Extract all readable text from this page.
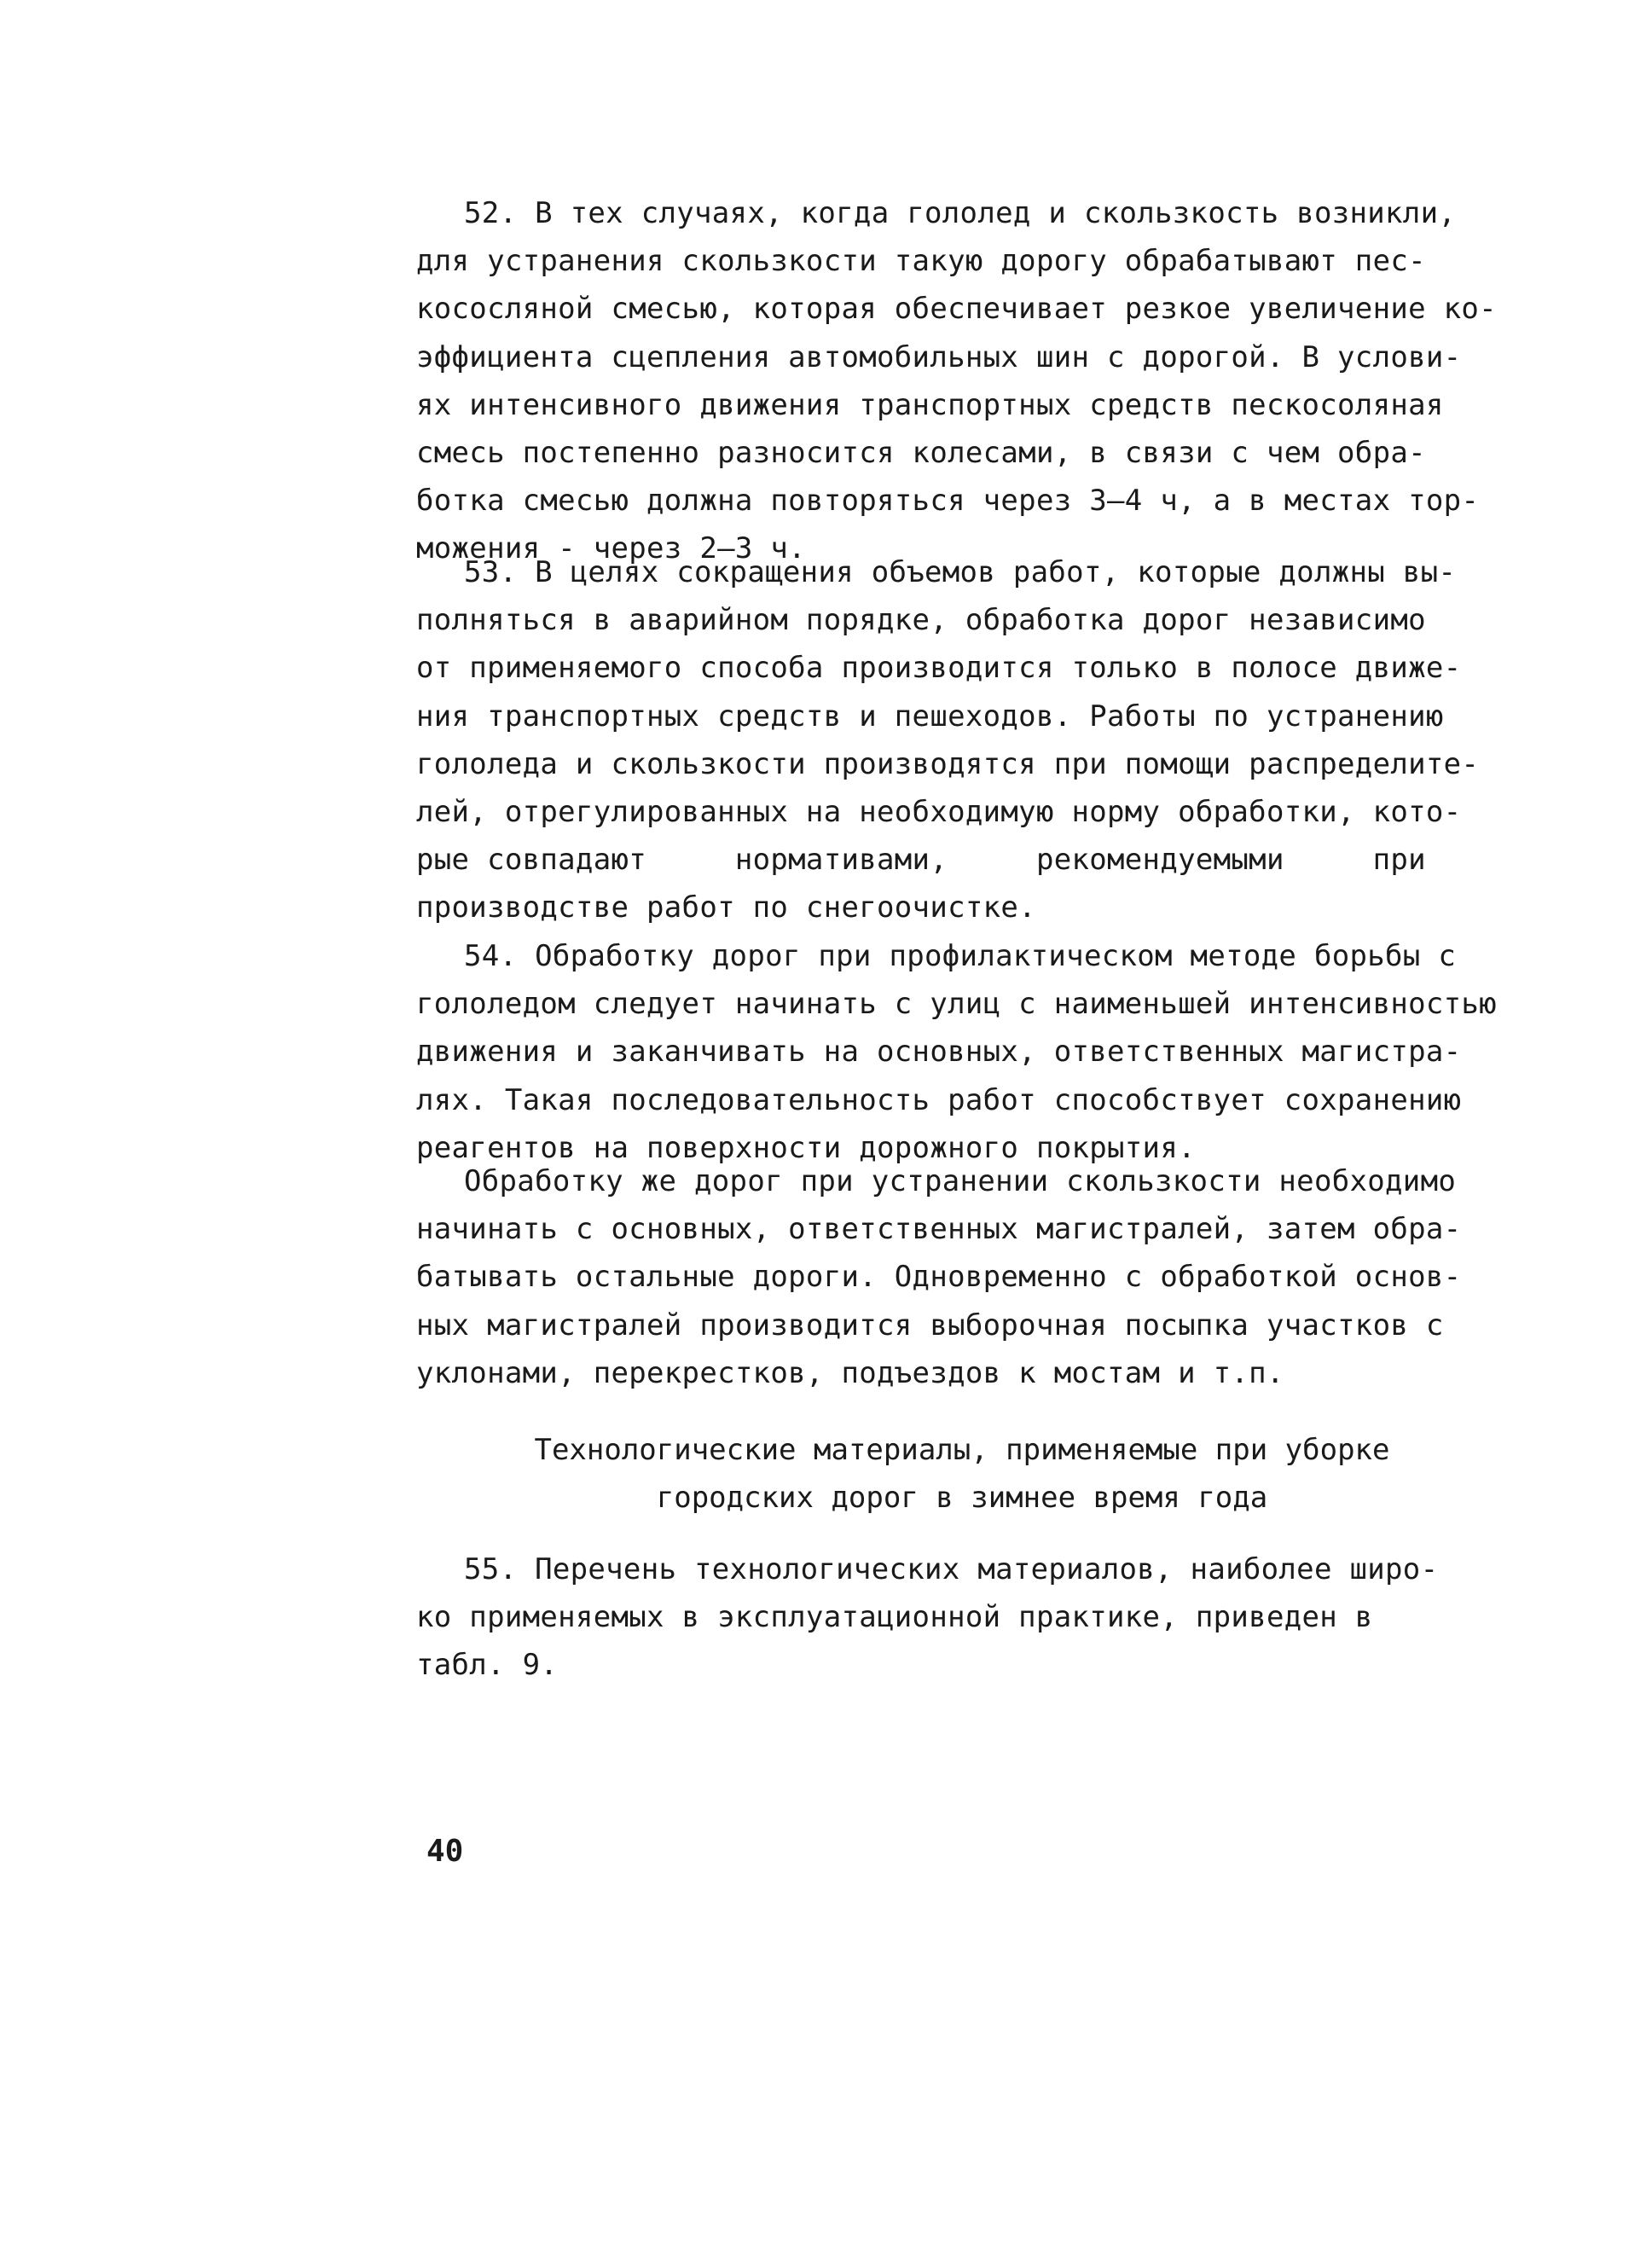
52. В тех случаях, когда гололед и скользкость возникли,
для устранения скользкости такую дорогу обрабатывают пес-
кососляной смесью, которая обеспечивает резкое увеличение ко-
эффициента сцепления автомобильных шин с дорогой. В услови-
ях интенсивного движения транспортных средств пескосоляная
смесь постепенно разносится колесами, в связи с чем обра-
ботка смесью должна повторяться через 3–4 ч, а в местах тор-
можения - через 2–3 ч.
53. В целях сокращения объемов работ, которые должны вы-
полняться в аварийном порядке, обработка дорог независимо
от применяемого способа производится только в полосе движе-
ния транспортных средств и пешеходов. Работы по устранению
гололеда и скользкости производятся при помощи распределите-
лей, отрегулированных на необходимую норму обработки, кото-
рые совпадают     нормативами,     рекомендуемыми     при
производстве работ по снегоочистке.
54. Обработку дорог при профилактическом методе борьбы с
гололедом следует начинать с улиц с наименьшей интенсивностью
движения и заканчивать на основных, ответственных магистра-
лях. Такая последовательность работ способствует сохранению
реагентов на поверхности дорожного покрытия.
Обработку же дорог при устранении скользкости необходимо
начинать с основных, ответственных магистралей, затем обра-
батывать остальные дороги. Одновременно с обработкой основ-
ных магистралей производится выборочная посыпка участков с
уклонами, перекрестков, подъездов к мостам и т.п.
Технологические материалы, применяемые при уборке
городских дорог в зимнее время года
55. Перечень технологических материалов, наиболее широ-
ко применяемых в эксплуатационной практике, приведен в
табл. 9.
40
